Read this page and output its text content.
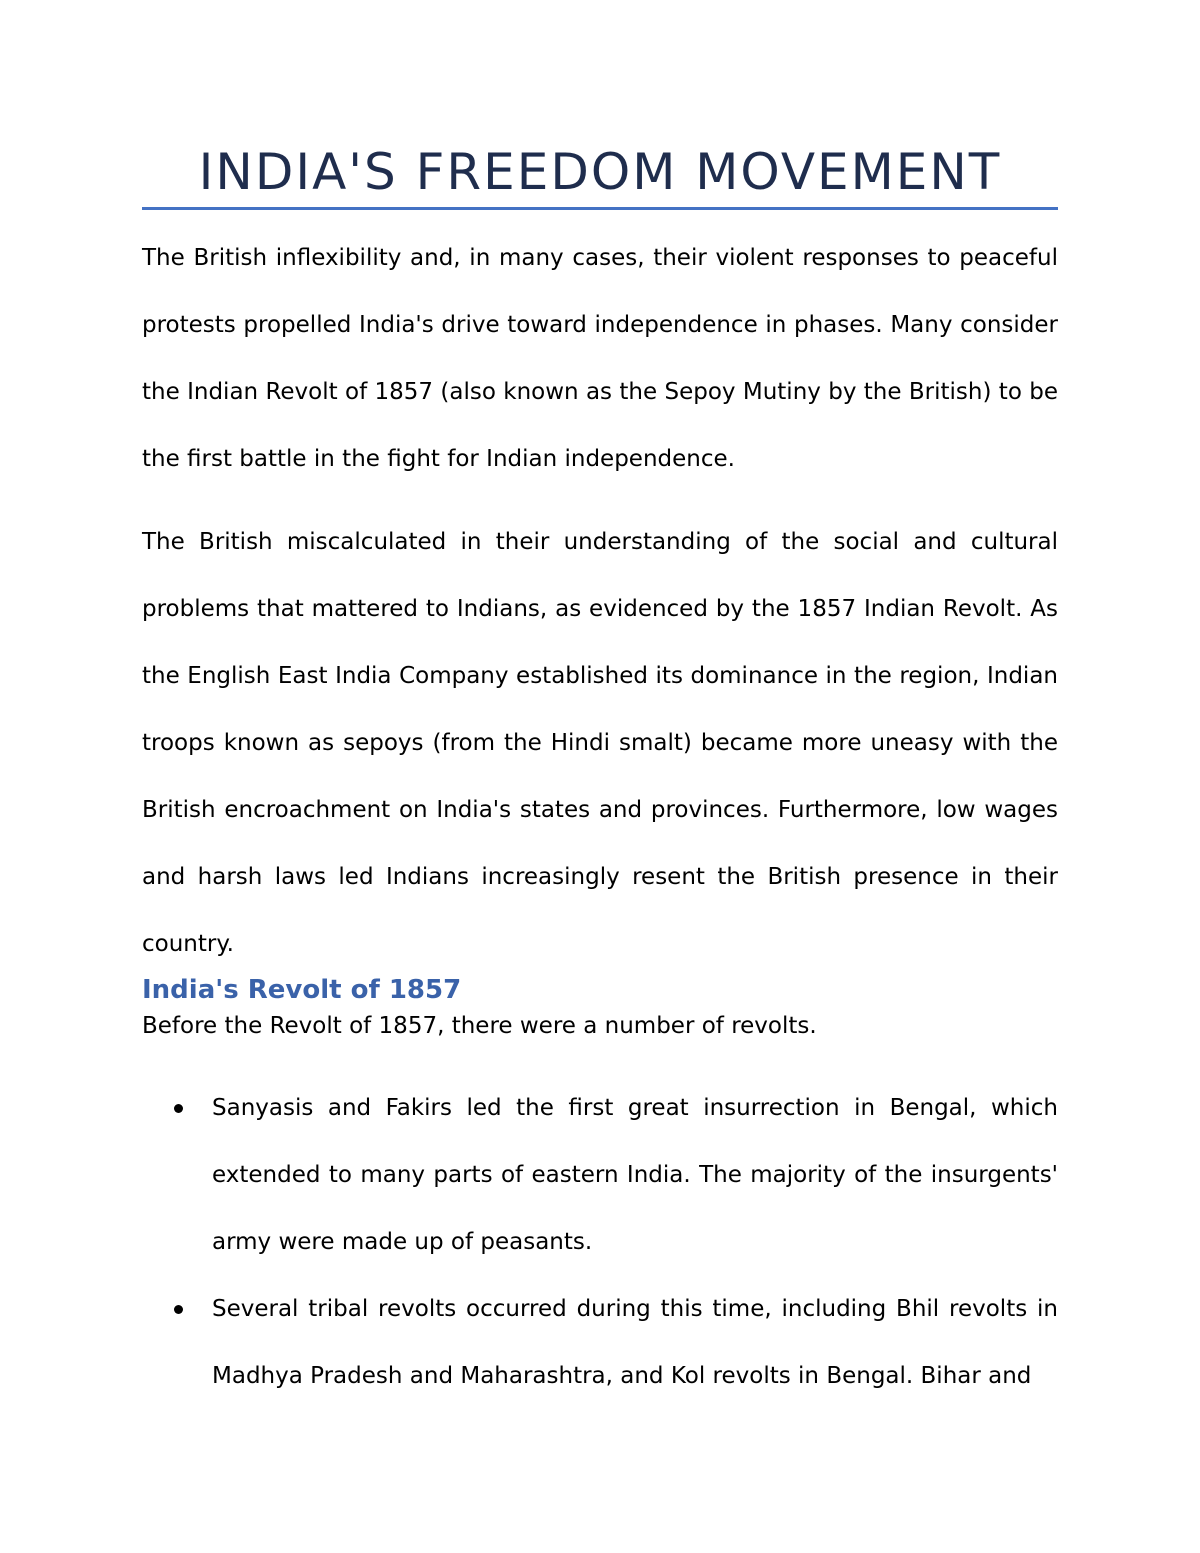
INDIA'S FREEDOM MOVEMENT

The British inflexibility and, in many cases, their violent responses to peaceful protests propelled India's drive toward independence in phases. Many consider the Indian Revolt of 1857 (also known as the Sepoy Mutiny by the British) to be the first battle in the fight for Indian independence.

The British miscalculated in their understanding of the social and cultural problems that mattered to Indians, as evidenced by the 1857 Indian Revolt. As the English East India Company established its dominance in the region, Indian troops known as sepoys (from the Hindi smalt) became more uneasy with the British encroachment on India's states and provinces. Furthermore, low wages and harsh laws led Indians increasingly resent the British presence in their country.

India's Revolt of 1857

Before the Revolt of 1857, there were a number of revolts.

Sanyasis and Fakirs led the first great insurrection in Bengal, which extended to many parts of eastern India. The majority of the insurgents' army were made up of peasants.
Several tribal revolts occurred during this time, including Bhil revolts in Madhya Pradesh and Maharashtra, and Kol revolts in Bengal. Bihar and
